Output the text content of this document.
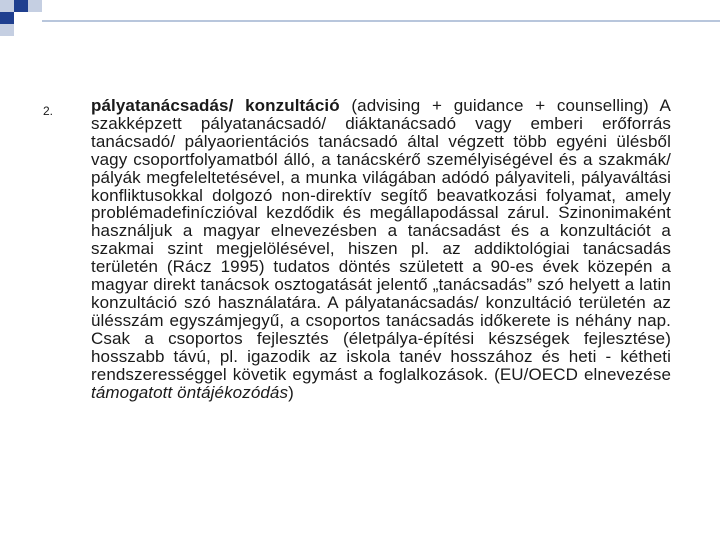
2. pályatanácsadás/ konzultáció (advising + guidance + counselling) A szakképzett pályatanácsadó/ diáktanácsadó vagy emberi erőforrás tanácsadó/ pályaorientációs tanácsadó által végzett több egyéni ülésből vagy csoportfolyamatból álló, a tanácskérő személyiségével és a szakmák/ pályák megfeleltetésével, a munka világában adódó pályaviteli, pályaváltási konfliktusokkal dolgozó non-direktív segítő beavatkozási folyamat, amely problémadefiníczióval kezdődik és megállapodással zárul. Szinonimaként használjuk a magyar elnevezésben a tanácsadást és a konzultációt a szakmai szint megjelölésével, hiszen pl. az addiktológiai tanácsadás területén (Rácz 1995) tudatos döntés született a 90-es évek közepén a magyar direkt tanácsok osztogatását jelentő „tanácsadás” szó helyett a latin konzultáció szó használatára. A pályatanácsadás/ konzultáció területén az ülésszám egyszámjegyű, a csoportos tanácsadás időkerete is néhány nap. Csak a csoportos fejlesztés (életpálya-építési készségek fejlesztése) hosszabb távú, pl. igazodik az iskola tanév hosszához és heti - kétheti rendszerességgel követik egymást a foglalkozások. (EU/OECD elnevezése támogatott öntájékozódás)
